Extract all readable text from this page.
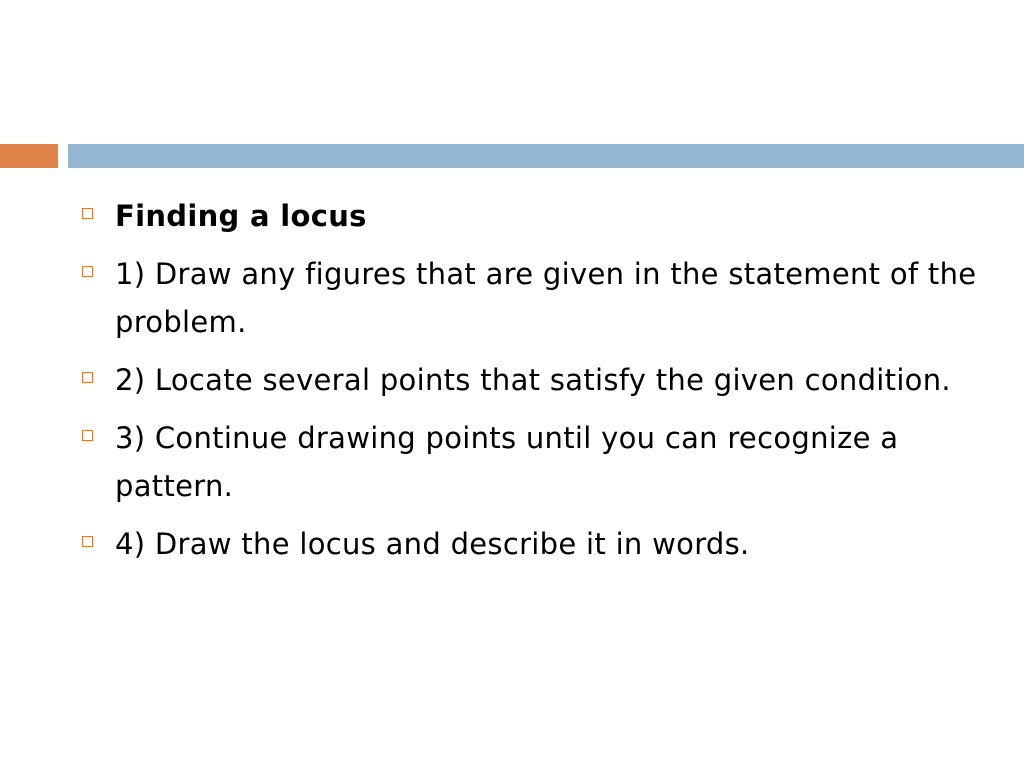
Finding a locus
1) Draw any figures that are given in the statement of the problem.
2) Locate several points that satisfy the given condition.
3) Continue drawing points until you can recognize a pattern.
4) Draw the locus and describe it in words.
